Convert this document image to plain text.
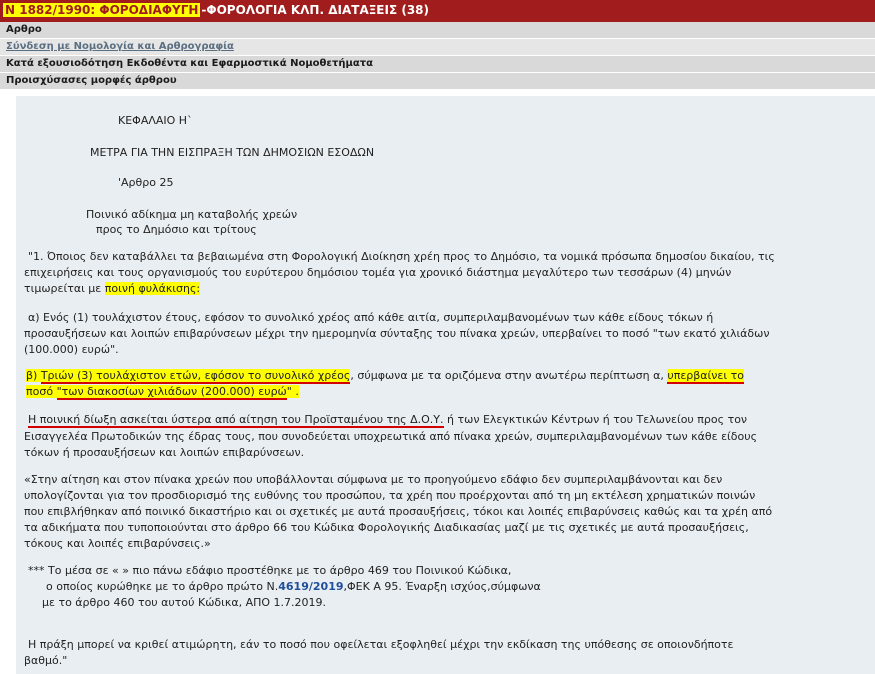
Ν 1882/1990: ΦΟΡΟΔΙΑΦΥΓΗ -ΦΟΡΟΛΟΓΙΑ ΚΛΠ. ΔΙΑΤΑΞΕΙΣ (38)
Αρθρο
Σύνδεση με Νομολογία και Αρθρογραφία
Κατά εξουσιοδότηση Εκδοθέντα και Εφαρμοστικά Νομοθετήματα
Προισχύσασες μορφές άρθρου
ΚΕΦΑΛΑΙΟ Η`
ΜΕΤΡΑ ΓΙΑ ΤΗΝ ΕΙΣΠΡΑΞΗ ΤΩΝ ΔΗΜΟΣΙΩΝ ΕΣΟΔΩΝ
'Αρθρο 25
Ποινικό αδίκημα μη καταβολής χρεών
προς το Δημόσιο και τρίτους
"1. Όποιος δεν καταβάλλει τα βεβαιωμένα στη Φορολογική Διοίκηση χρέη προς το Δημόσιο, τα νομικά πρόσωπα δημοσίου δικαίου, τις
επιχειρήσεις και τους οργανισμούς του ευρύτερου δημόσιου τομέα για χρονικό διάστημα μεγαλύτερο των τεσσάρων (4) μηνών
τιμωρείται με ποινή φυλάκισης:
α) Ενός (1) τουλάχιστον έτους, εφόσον το συνολικό χρέος από κάθε αιτία, συμπεριλαμβανομένων των κάθε είδους τόκων ή
προσαυξήσεων και λοιπών επιβαρύνσεων μέχρι την ημερομηνία σύνταξης του πίνακα χρεών, υπερβαίνει το ποσό "των εκατό χιλιάδων
(100.000) ευρώ".
β) Τριών (3) τουλάχιστον ετών, εφόσον το συνολικό χρέος, σύμφωνα με τα οριζόμενα στην ανωτέρω περίπτωση α, υπερβαίνει το
ποσό "των διακοσίων χιλιάδων (200.000) ευρώ" .
Η ποινική δίωξη ασκείται ύστερα από αίτηση του Προϊσταμένου της Δ.Ο.Υ. ή των Ελεγκτικών Κέντρων ή του Τελωνείου προς τον
Εισαγγελέα Πρωτοδικών της έδρας τους, που συνοδεύεται υποχρεωτικά από πίνακα χρεών, συμπεριλαμβανομένων των κάθε είδους
τόκων ή προσαυξήσεων και λοιπών επιβαρύνσεων.
«Στην αίτηση και στον πίνακα χρεών που υποβάλλονται σύμφωνα με το προηγούμενο εδάφιο δεν συμπεριλαμβάνονται και δεν
υπολογίζονται για τον προσδιορισμό της ευθύνης του προσώπου, τα χρέη που προέρχονται από τη μη εκτέλεση χρηματικών ποινών
που επιβλήθηκαν από ποινικό δικαστήριο και οι σχετικές με αυτά προσαυξήσεις, τόκοι και λοιπές επιβαρύνσεις καθώς και τα χρέη από
τα αδικήματα που τυποποιούνται στο άρθρο 66 του Κώδικα Φορολογικής Διαδικασίας μαζί με τις σχετικές με αυτά προσαυξήσεις,
τόκους και λοιπές επιβαρύνσεις.»
*** Το μέσα σε « » πιο πάνω εδάφιο προστέθηκε με το άρθρο 469 του Ποινικού Κώδικα,
ο οποίος κυρώθηκε με το άρθρο πρώτο Ν.4619/2019,ΦΕΚ Α 95. Έναρξη ισχύος,σύμφωνα
με το άρθρο 460 του αυτού Κώδικα, ΑΠΟ 1.7.2019.
Η πράξη μπορεί να κριθεί ατιμώρητη, εάν το ποσό που οφείλεται εξοφληθεί μέχρι την εκδίκαση της υπόθεσης σε οποιονδήποτε
βαθμό."
